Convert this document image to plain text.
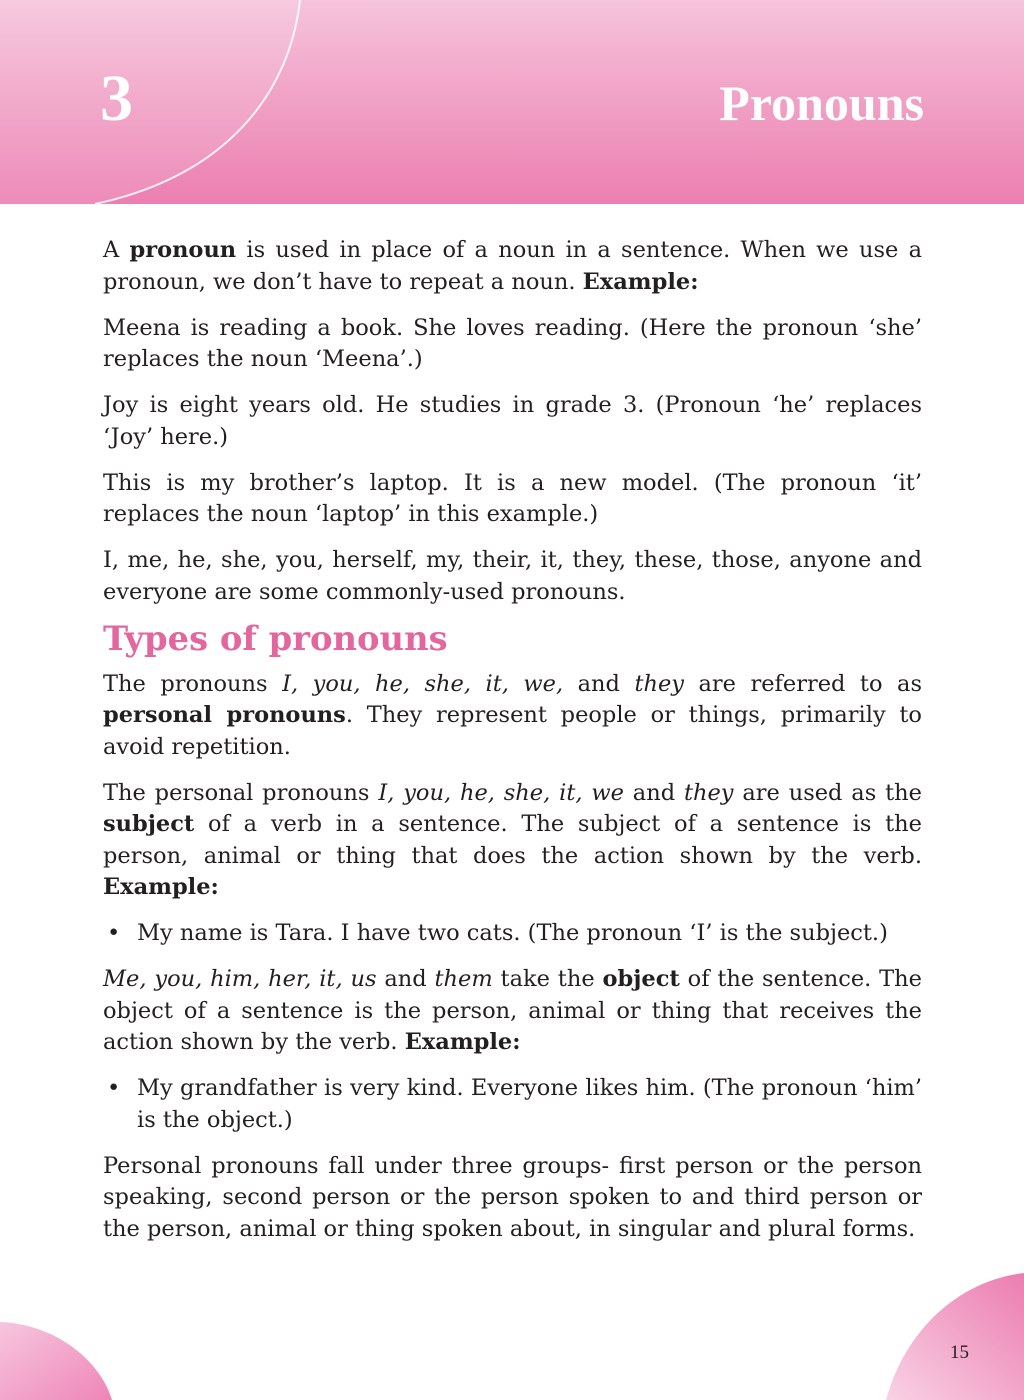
3	Pronouns

A pronoun is used in place of a noun in a sentence. When we use a pronoun, we don’t have to repeat a noun. Example:

Meena is reading a book. She loves reading. (Here the pronoun ‘she’ replaces the noun ‘Meena’.)

Joy is eight years old. He studies in grade 3. (Pronoun ‘he’ replaces ‘Joy’ here.)

This is my brother’s laptop. It is a new model. (The pronoun ‘it’ replaces the noun ‘laptop’ in this example.)

I, me, he, she, you, herself, my, their, it, they, these, those, anyone and everyone are some commonly-used pronouns.

Types of pronouns

The pronouns I, you, he, she, it, we, and they are referred to as personal pronouns. They represent people or things, primarily to avoid repetition.

The personal pronouns I, you, he, she, it, we and they are used as the subject of a verb in a sentence. The subject of a sentence is the person, animal or thing that does the action shown by the verb. Example:

• My name is Tara. I have two cats. (The pronoun ‘I’ is the subject.)

Me, you, him, her, it, us and them take the object of the sentence. The object of a sentence is the person, animal or thing that receives the action shown by the verb. Example:

• My grandfather is very kind. Everyone likes him. (The pronoun ‘him’ is the object.)

Personal pronouns fall under three groups- first person or the person speaking, second person or the person spoken to and third person or the person, animal or thing spoken about, in singular and plural forms.

15
